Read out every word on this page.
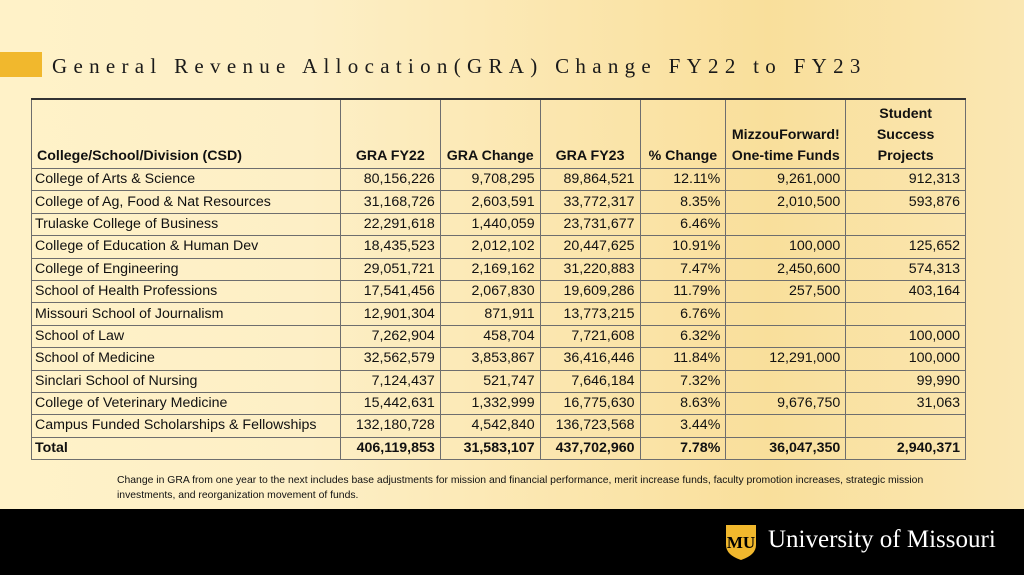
General Revenue Allocation(GRA) Change FY22 to FY23
College/School/Division (CSD)	GRA FY22	GRA Change	GRA FY23	% Change	MizzouForward! One-time Funds	Student Success Projects
College of Arts & Science	80,156,226	9,708,295	89,864,521	12.11%	9,261,000	912,313
College of Ag, Food & Nat Resources	31,168,726	2,603,591	33,772,317	8.35%	2,010,500	593,876
Trulaske College of Business	22,291,618	1,440,059	23,731,677	6.46%		
College of Education & Human Dev	18,435,523	2,012,102	20,447,625	10.91%	100,000	125,652
College of Engineering	29,051,721	2,169,162	31,220,883	7.47%	2,450,600	574,313
School of Health Professions	17,541,456	2,067,830	19,609,286	11.79%	257,500	403,164
Missouri School of Journalism	12,901,304	871,911	13,773,215	6.76%		
School of Law	7,262,904	458,704	7,721,608	6.32%		100,000
School of Medicine	32,562,579	3,853,867	36,416,446	11.84%	12,291,000	100,000
Sinclari School of Nursing	7,124,437	521,747	7,646,184	7.32%		99,990
College of Veterinary Medicine	15,442,631	1,332,999	16,775,630	8.63%	9,676,750	31,063
Campus Funded Scholarships & Fellowships	132,180,728	4,542,840	136,723,568	3.44%		
Total	406,119,853	31,583,107	437,702,960	7.78%	36,047,350	2,940,371

Change in GRA from one year to the next includes base adjustments for mission and financial performance, merit increase funds, faculty promotion increases, strategic mission investments, and reorganization movement of funds.

MU University of Missouri
